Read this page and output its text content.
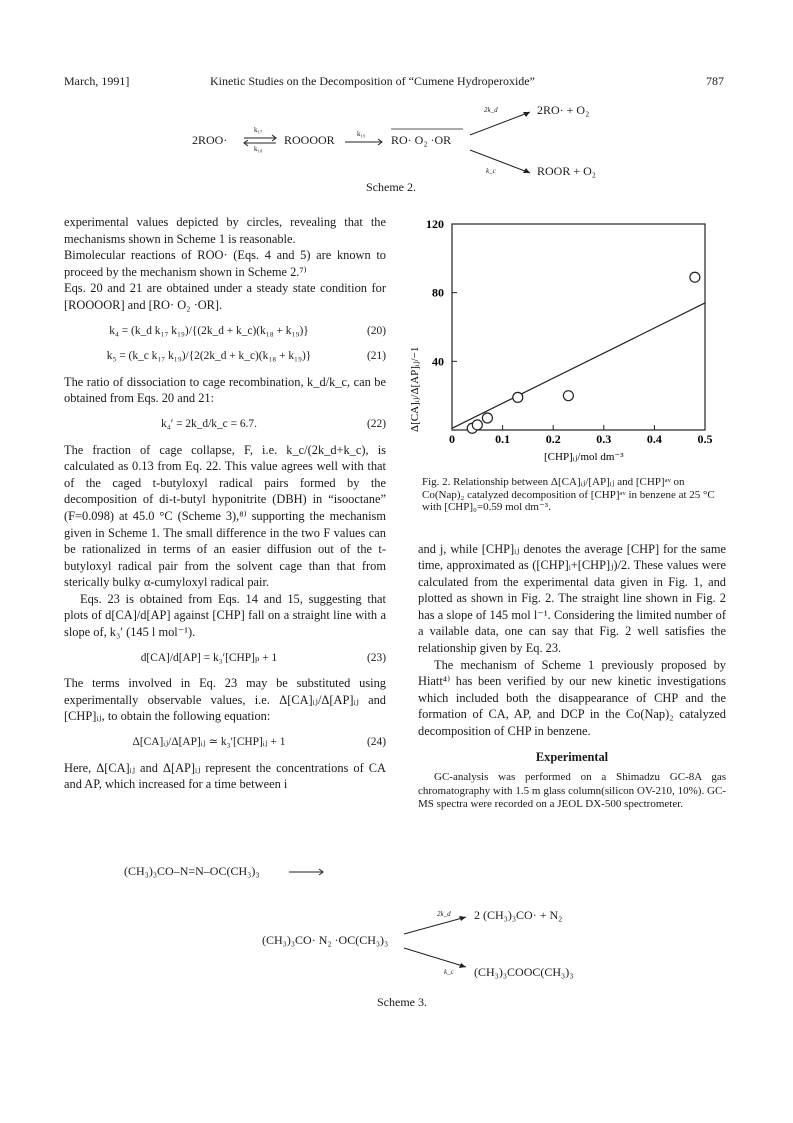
March, 1991]	Kinetic Studies on the Decomposition of “Cumene Hydroperoxide”	787
2ROO·
k₁₇
k₁₈
ROOOOR	k₁₉ RO· O₂ ·OR
2k_d	2RO· + O₂
k_c	ROOR + O₂
Scheme 2.

experimental values depicted by circles, revealing that the mechanisms shown in Scheme 1 is reasonable.

Bimolecular reactions of ROO· (Eqs. 4 and 5) are known to proceed by the mechanism shown in Scheme 2.⁷⁾

Eqs. 20 and 21 are obtained under a steady state condition for [ROOOOR] and [RO· O₂ ·OR].

k₄ = (k_d k₁₇ k₁₉)/{(2k_d + k_c)(k₁₈ + k₁₉)}	(20)
k₅ = (k_c k₁₇ k₁₉)/{2(2k_d + k_c)(k₁₈ + k₁₉)}	(21)

The ratio of dissociation to cage recombination, k_d/k_c, can be obtained from Eqs. 20 and 21:

k₄′ = 2k_d/k_c = 6.7.	(22)

The fraction of cage collapse, F, i.e. k_c/(2k_d+k_c), is calculated as 0.13 from Eq. 22. This value agrees well with that of the caged t-butyloxyl radical pairs formed by the decomposition of di-t-butyl hyponitrite (DBH) in “isooctane” (F=0.098) at 45.0 °C (Scheme 3),⁸⁾ supporting the mechanism given in Scheme 1. The small difference in the two F values can be rationalized in terms of an easier diffusion out of the t-butyloxyl radical pair from the solvent cage than that from sterically bulky α-cumyloxyl radical pair.

Eqs. 23 is obtained from Eqs. 14 and 15, suggesting that plots of d[CA]/d[AP] against [CHP] fall on a straight line with a slope of, k₃′ (145 l mol⁻¹).

d[CA]/d[AP] = k₃′[CHP]ₚ + 1	(23)

The terms involved in Eq. 23 may be substituted using experimentally observable values, i.e. Δ[CA]ᵢⱼ/Δ[AP]ᵢⱼ and [CHP]ᵢⱼ, to obtain the following equation:

Δ[CA]ᵢⱼ/Δ[AP]ᵢⱼ ≃ k₃′[CHP]ᵢⱼ + 1	(24)

Here, Δ[CA]ᵢⱼ and Δ[AP]ᵢⱼ represent the concentrations of CA and AP, which increased for a time between i

0	0.1	0.2	0.3	0.4	0.5
40
80
120
[CHP]ᵢⱼ/mol dm⁻³
Δ[CA]ᵢⱼ/Δ[AP]ᵢⱼ/−1

Fig. 2. Relationship between Δ[CA]ᵢⱼ/[AP]ᵢⱼ and [CHP]ᵃᵛ on Co(Nap)₂ catalyzed decomposition of [CHP]ᵃᵛ in benzene at 25 °C with [CHP]₀=0.59 mol dm⁻³.

and j, while [CHP]ᵢⱼ denotes the average [CHP] for the same time, approximated as ([CHP]ᵢ+[CHP]ⱼ)/2. These values were calculated from the experimental data given in Fig. 1, and plotted as shown in Fig. 2. The straight line shown in Fig. 2 has a slope of 145 mol l⁻¹. Considering the limited number of a vailable data, one can say that Fig. 2 well satisfies the relationship given by Eq. 23.

The mechanism of Scheme 1 previously proposed by Hiatt⁴⁾ has been verified by our new kinetic investigations which included both the disappearance of CHP and the formation of CA, AP, and DCP in the Co(Nap)₂ catalyzed decomposition of CHP in benzene.

Experimental

GC-analysis was performed on a Shimadzu GC-8A gas chromatography with 1.5 m glass column(silicon OV-210, 10%). GC-MS spectra were recorded on a JEOL DX-500 spectrometer.

(CH₃)₃CO–N=N–OC(CH₃)₃
(CH₃)₃CO· N₂ ·OC(CH₃)₃
2k_d 2 (CH₃)₃CO· + N₂
k_c (CH₃)₃COOC(CH₃)₃
Scheme 3.
